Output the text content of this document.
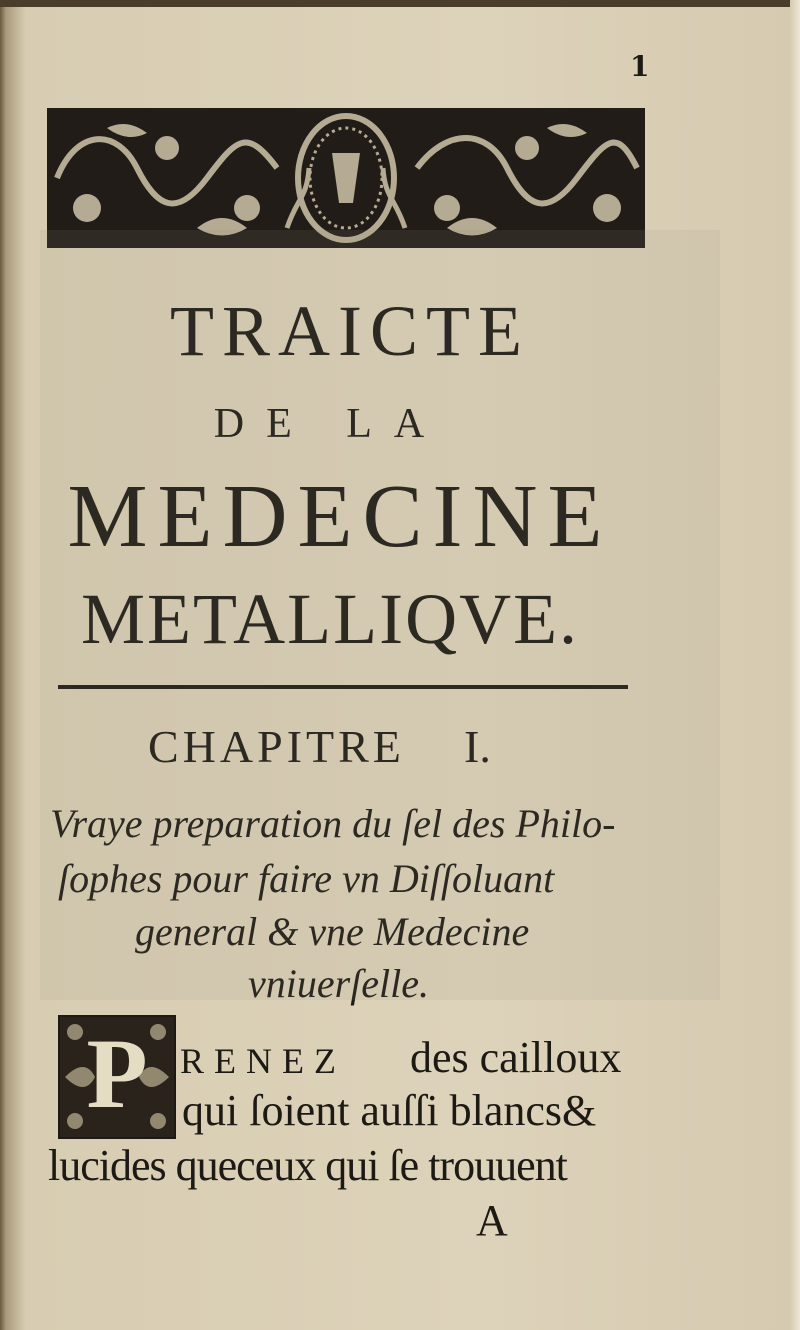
1
TRAICTE
DE LA
MEDECINE
METALLIQVE.
CHAPITRE I.
Vraye preparation du ſel des Philo-
ſophes pour faire vn Diſſoluant
general & vne Medecine
vniuerſelle.
P RENEZ des cailloux
qui ſoient auſſi blancs&
lucides queceux qui ſe trouuent
A
